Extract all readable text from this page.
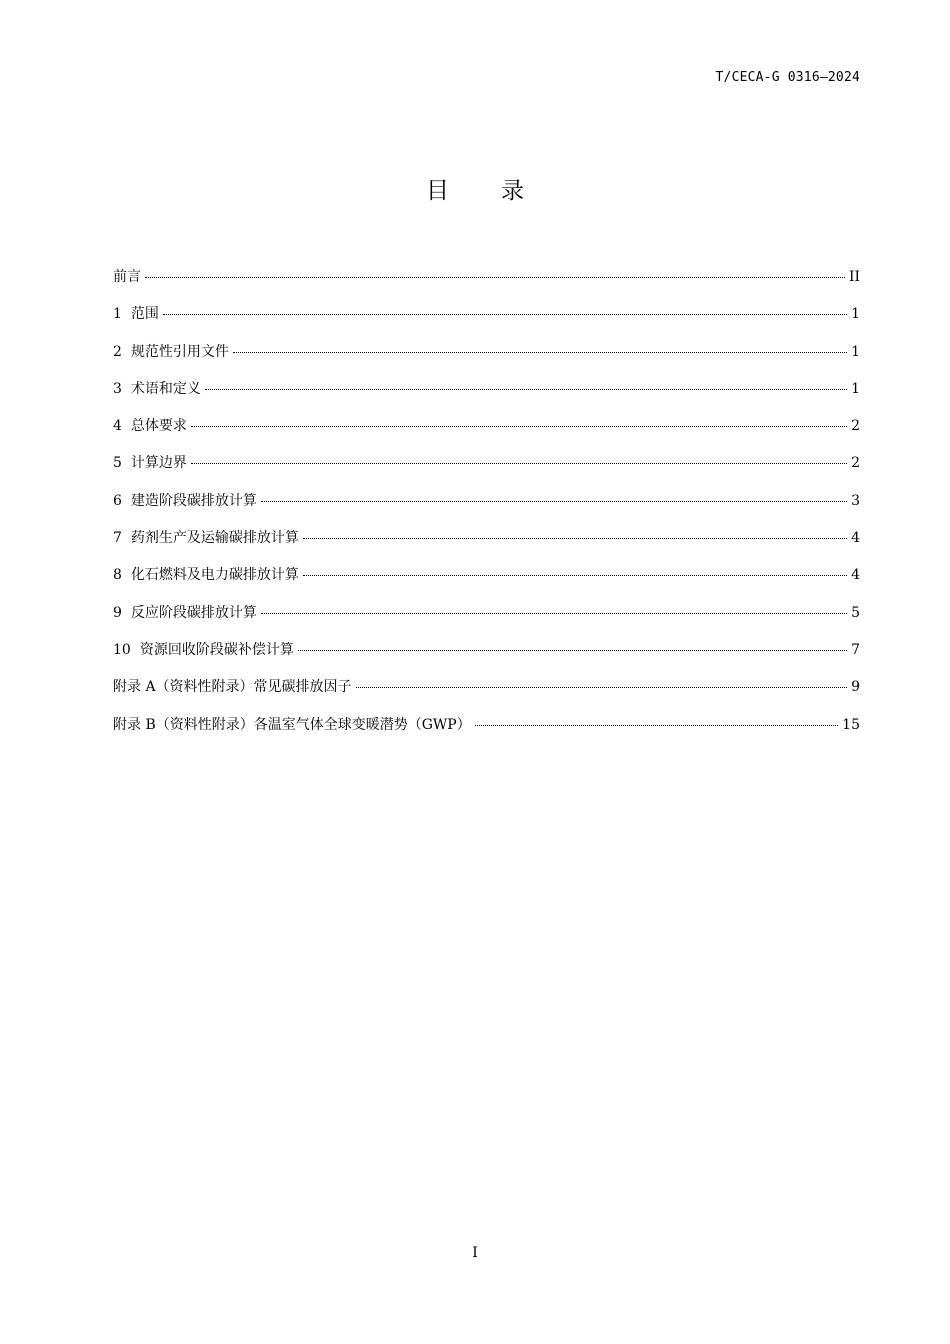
T/CECA-G 0316—2024
目录
前言	II
1 范围	1
2 规范性引用文件	1
3 术语和定义	1
4 总体要求	2
5 计算边界	2
6 建造阶段碳排放计算	3
7 药剂生产及运输碳排放计算	4
8 化石燃料及电力碳排放计算	4
9 反应阶段碳排放计算	5
10 资源回收阶段碳补偿计算	7
附录 A（资料性附录）常见碳排放因子	9
附录 B（资料性附录）各温室气体全球变暖潜势（GWP）	15
I
